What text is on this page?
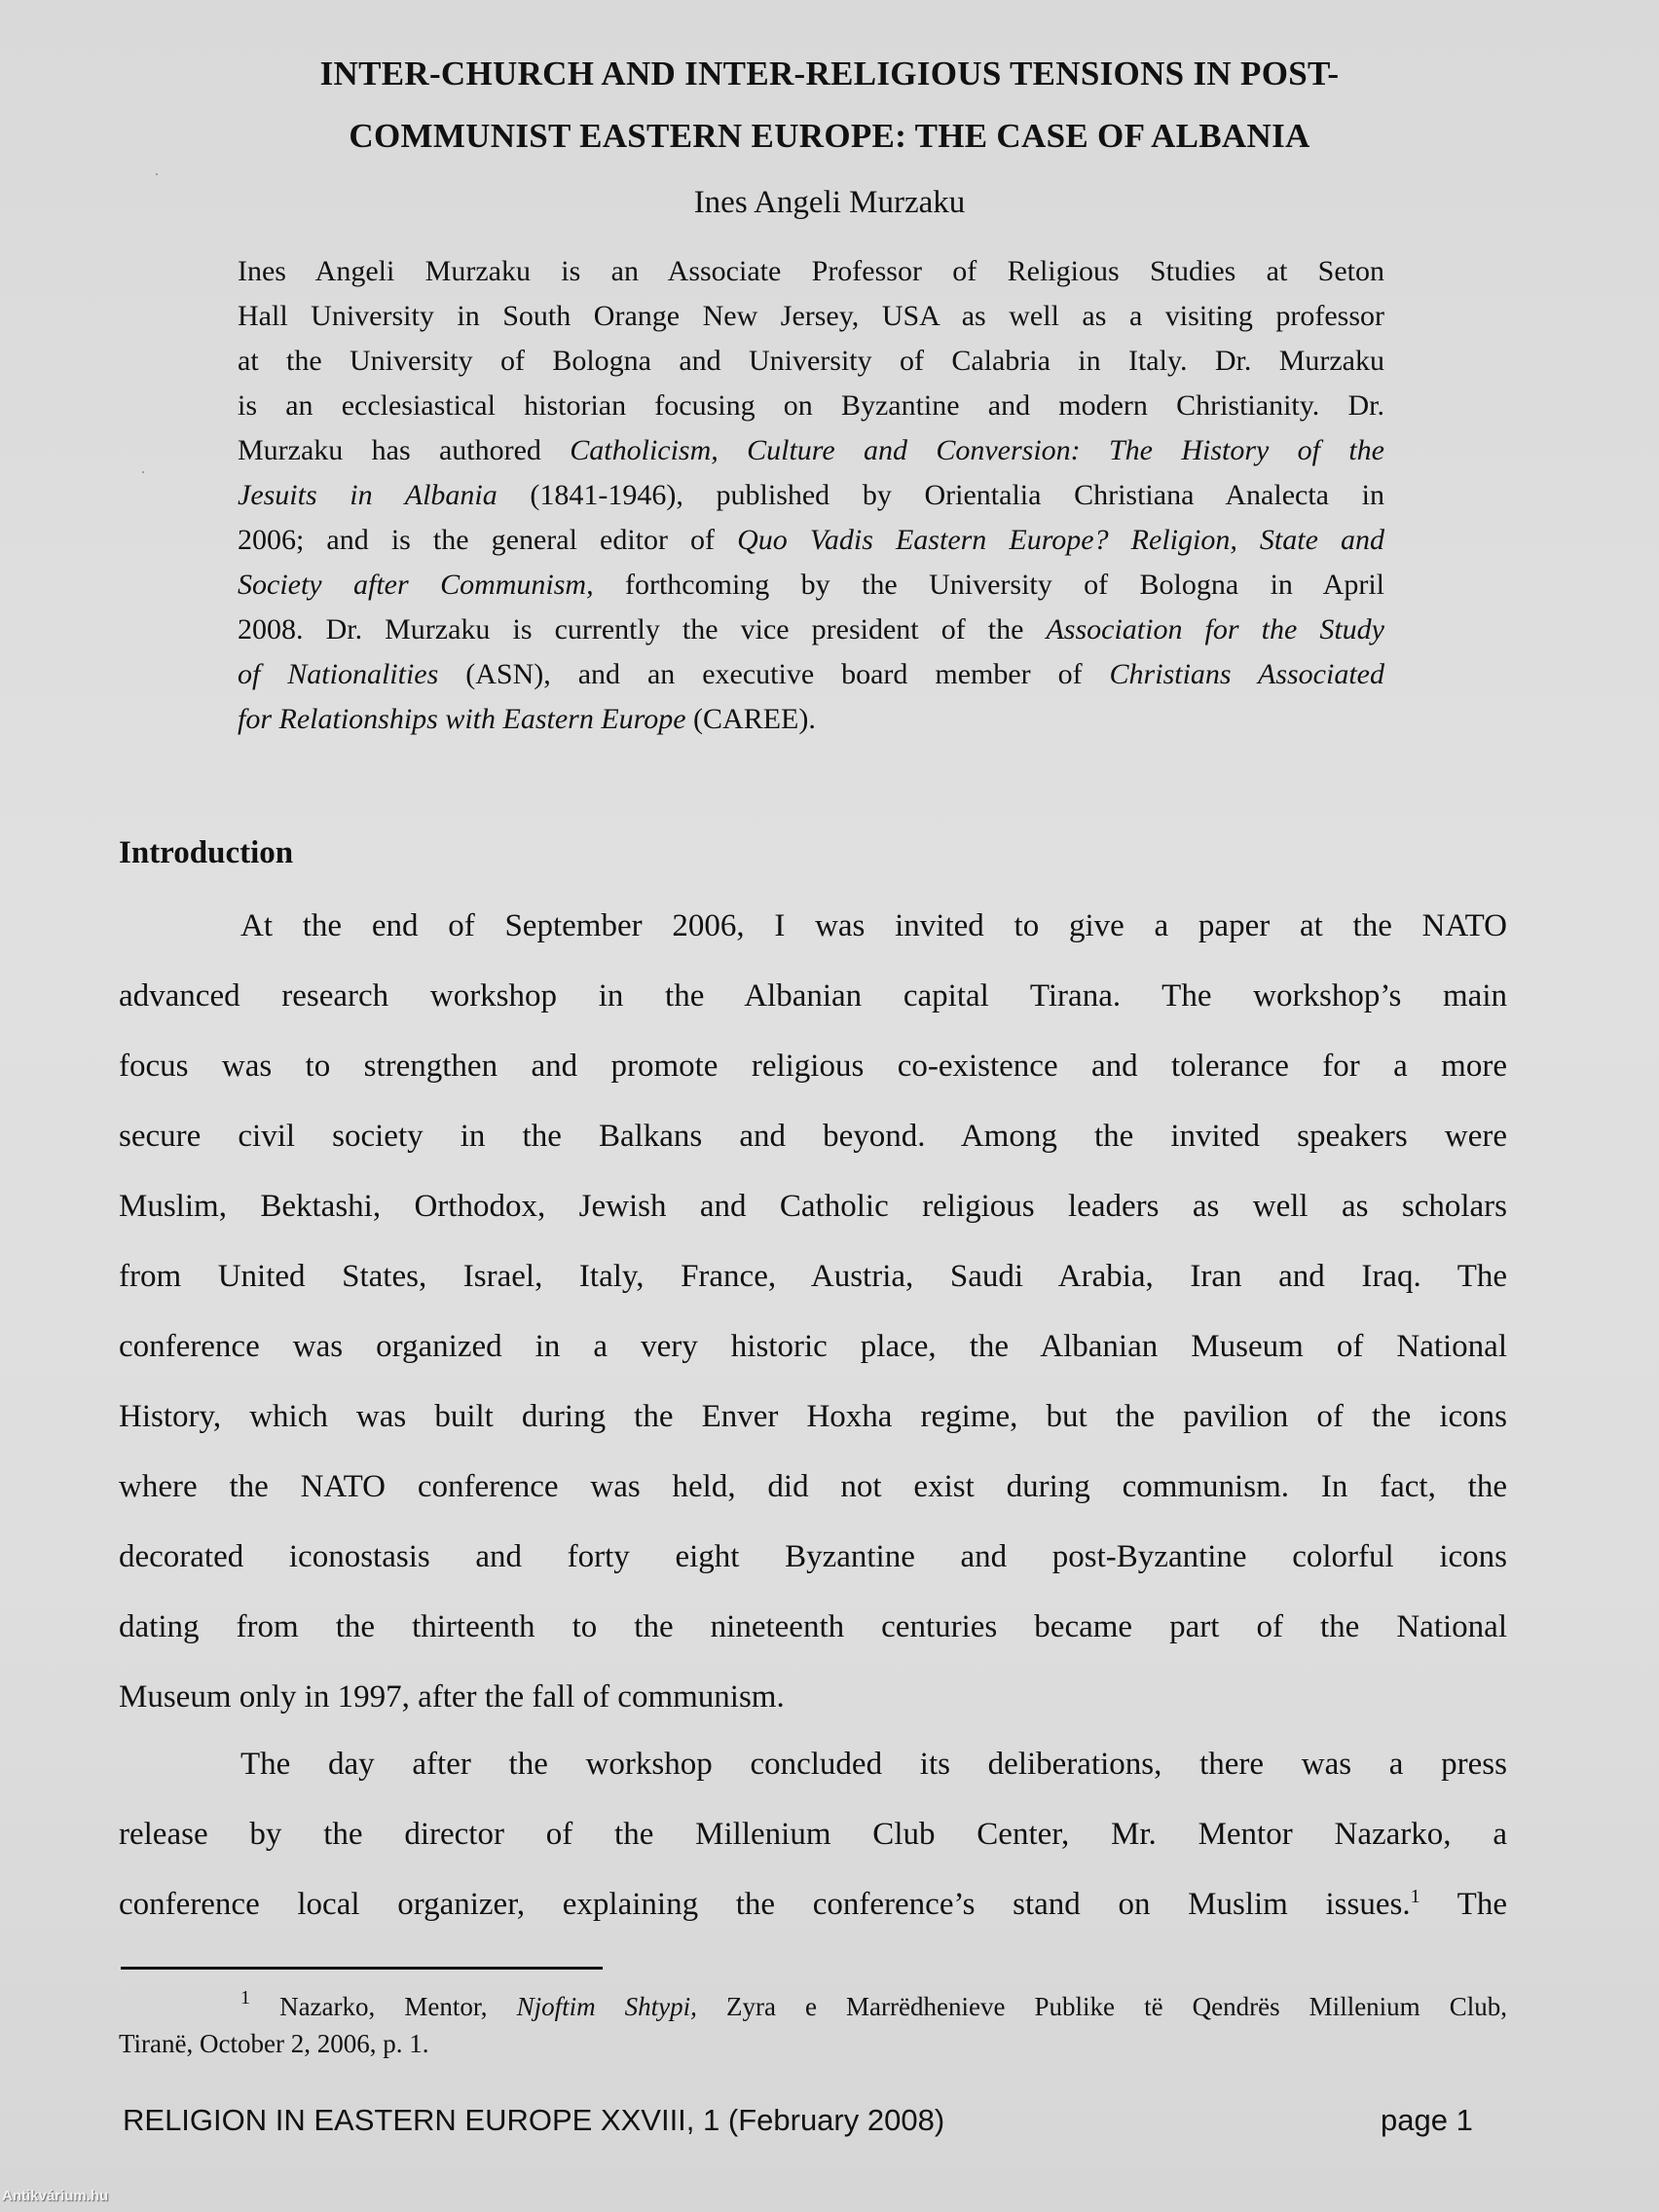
INTER-CHURCH AND INTER-RELIGIOUS TENSIONS IN POST-
COMMUNIST EASTERN EUROPE: THE CASE OF ALBANIA
Ines Angeli Murzaku
Ines Angeli Murzaku is an Associate Professor of Religious Studies at Seton
Hall University in South Orange New Jersey, USA as well as a visiting professor
at the University of Bologna and University of Calabria in Italy. Dr. Murzaku
is an ecclesiastical historian focusing on Byzantine and modern Christianity. Dr.
Murzaku has authored Catholicism, Culture and Conversion: The History of the
Jesuits in Albania (1841-1946), published by Orientalia Christiana Analecta in
2006; and is the general editor of Quo Vadis Eastern Europe? Religion, State and
Society after Communism, forthcoming by the University of Bologna in April
2008. Dr. Murzaku is currently the vice president of the Association for the Study
of Nationalities (ASN), and an executive board member of Christians Associated
for Relationships with Eastern Europe (CAREE).
Introduction
At the end of September 2006, I was invited to give a paper at the NATO
advanced research workshop in the Albanian capital Tirana. The workshop’s main
focus was to strengthen and promote religious co-existence and tolerance for a more
secure civil society in the Balkans and beyond. Among the invited speakers were
Muslim, Bektashi, Orthodox, Jewish and Catholic religious leaders as well as scholars
from United States, Israel, Italy, France, Austria, Saudi Arabia, Iran and Iraq. The
conference was organized in a very historic place, the Albanian Museum of National
History, which was built during the Enver Hoxha regime, but the pavilion of the icons
where the NATO conference was held, did not exist during communism. In fact, the
decorated iconostasis and forty eight Byzantine and post-Byzantine colorful icons
dating from the thirteenth to the nineteenth centuries became part of the National
Museum only in 1997, after the fall of communism.
The day after the workshop concluded its deliberations, there was a press
release by the director of the Millenium Club Center, Mr. Mentor Nazarko, a
conference local organizer, explaining the conference’s stand on Muslim issues.$^1$ The
$^1$ Nazarko, Mentor, Njoftim Shtypi, Zyra e Marrëdhenieve Publike të Qendrës Millenium Club,
Tiranë, October 2, 2006, p. 1.
RELIGION IN EASTERN EUROPE XXVIII, 1 (February 2008)	page 1
Antikvárium.hu
